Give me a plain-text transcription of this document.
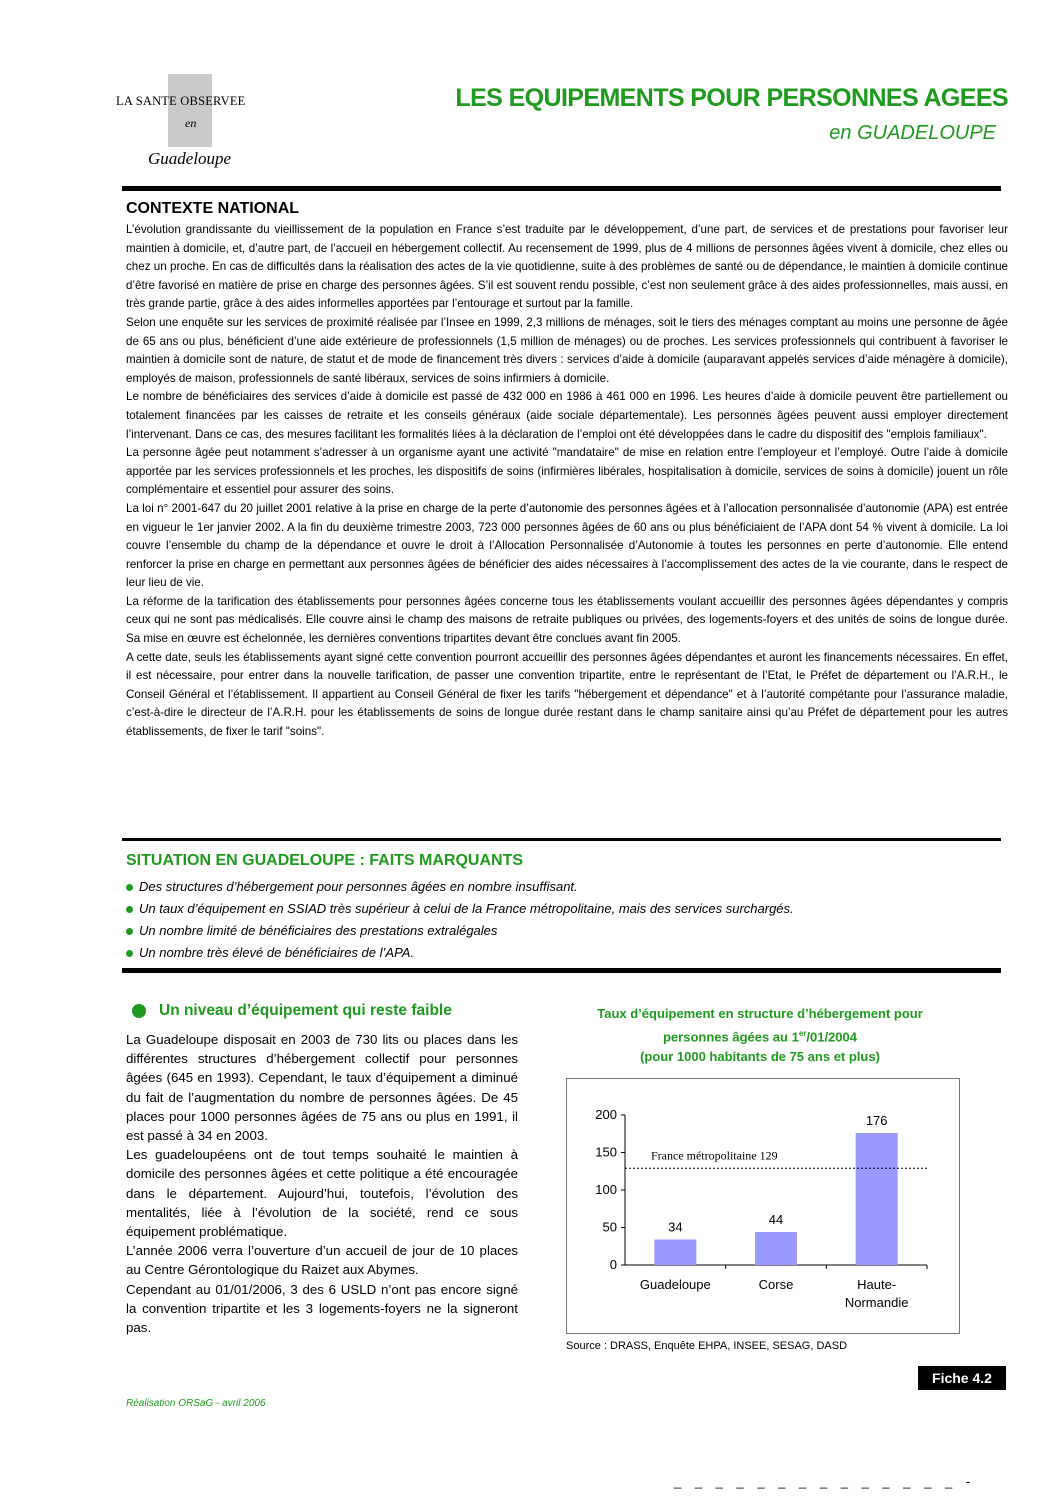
LA SANTE OBSERVEE
en
Guadeloupe
LES EQUIPEMENTS POUR PERSONNES AGEES
en GUADELOUPE
CONTEXTE NATIONAL

L’évolution grandissante du vieillissement de la population en France s’est traduite par le développement, d’une part, de services et de prestations pour favoriser leur maintien à domicile, et, d’autre part, de l’accueil en hébergement collectif. Au recensement de 1999, plus de 4 millions de personnes âgées vivent à domicile, chez elles ou chez un proche. En cas de difficultés dans la réalisation des actes de la vie quotidienne, suite à des problèmes de santé ou de dépendance, le maintien à domicile continue d’être favorisé en matière de prise en charge des personnes âgées. S’il est souvent rendu possible, c’est non seulement grâce à des aides professionnelles, mais aussi, en très grande partie, grâce à des aides informelles apportées par l’entourage et surtout par la famille.

Selon une enquête sur les services de proximité réalisée par l’Insee en 1999, 2,3 millions de ménages, soit le tiers des ménages comptant au moins une personne de âgée de 65 ans ou plus, bénéficient d’une aide extérieure de professionnels (1,5 million de ménages) ou de proches. Les services professionnels qui contribuent à favoriser le maintien à domicile sont de nature, de statut et de mode de financement très divers : services d’aide à domicile (auparavant appelés services d’aide ménagère à domicile), employés de maison, professionnels de santé libéraux, services de soins infirmiers à domicile.

Le nombre de bénéficiaires des services d’aide à domicile est passé de 432 000 en 1986 à 461 000 en 1996. Les heures d’aide à domicile peuvent être partiellement ou totalement financées par les caisses de retraite et les conseils généraux (aide sociale départementale). Les personnes âgées peuvent aussi employer directement l’intervenant. Dans ce cas, des mesures facilitant les formalités liées à la déclaration de l’emploi ont été développées dans le cadre du dispositif des "emplois familiaux".

La personne âgée peut notamment s’adresser à un organisme ayant une activité "mandataire" de mise en relation entre l’employeur et l’employé. Outre l’aide à domicile apportée par les services professionnels et les proches, les dispositifs de soins (infirmières libérales, hospitalisation à domicile, services de soins à domicile) jouent un rôle complémentaire et essentiel pour assurer des soins.

La loi n° 2001-647 du 20 juillet 2001 relative à la prise en charge de la perte d’autonomie des personnes âgées et à l’allocation personnalisée d’autonomie (APA) est entrée en vigueur le 1er janvier 2002. A la fin du deuxième trimestre 2003, 723 000 personnes âgées de 60 ans ou plus bénéficiaient de l’APA dont 54 % vivent à domicile. La loi couvre l’ensemble du champ de la dépendance et ouvre le droit à l’Allocation Personnalisée d’Autonomie à toutes les personnes en perte d’autonomie. Elle entend renforcer la prise en charge en permettant aux personnes âgées de bénéficier des aides nécessaires à l’accomplissement des actes de la vie courante, dans le respect de leur lieu de vie.

La réforme de la tarification des établissements pour personnes âgées concerne tous les établissements voulant accueillir des personnes âgées dépendantes y compris ceux qui ne sont pas médicalisés. Elle couvre ainsi le champ des maisons de retraite publiques ou privées, des logements-foyers et des unités de soins de longue durée. Sa mise en œuvre est échelonnée, les dernières conventions tripartites devant être conclues avant fin 2005.

A cette date, seuls les établissements ayant signé cette convention pourront accueillir des personnes âgées dépendantes et auront les financements nécessaires. En effet, il est nécessaire, pour entrer dans la nouvelle tarification, de passer une convention tripartite, entre le représentant de l’Etat, le Préfet de département ou l’A.R.H., le Conseil Général et l’établissement. Il appartient au Conseil Général de fixer les tarifs "hébergement et dépendance" et à l’autorité compétante pour l’assurance maladie, c’est-à-dire le directeur de l’A.R.H. pour les établissements de soins de longue durée restant dans le champ sanitaire ainsi qu’au Préfet de département pour les autres établissements, de fixer le tarif "soins".

SITUATION EN GUADELOUPE : FAITS MARQUANTS
Des structures d’hébergement pour personnes âgées en nombre insuffisant.
Un taux d’équipement en SSIAD très supérieur à celui de la France métropolitaine, mais des services surchargés.
Un nombre limité de bénéficiaires des prestations extralégales
Un nombre très élevé de bénéficiaires de l’APA.
Un niveau d’équipement qui reste faible

La Guadeloupe disposait en 2003 de 730 lits ou places dans les différentes structures d’hébergement collectif pour personnes âgées (645 en 1993). Cependant, le taux d’équipement a diminué du fait de l’augmentation du nombre de personnes âgées. De 45 places pour 1000 personnes âgées de 75 ans ou plus en 1991, il est passé à 34 en 2003.

Les guadeloupéens ont de tout temps souhaité le maintien à domicile des personnes âgées et cette politique a été encouragée dans le département. Aujourd’hui, toutefois, l’évolution des mentalités, liée à l’évolution de la société, rend ce sous équipement problématique.

L’année 2006 verra l’ouverture d’un accueil de jour de 10 places au Centre Gérontologique du Raizet aux Abymes.

Cependant au 01/01/2006, 3 des 6 USLD n’ont pas encore signé la convention tripartite et les 3 logements-foyers ne la signeront pas.

Taux d’équipement en structure d’hébergement pour
personnes âgées au 1er/01/2004
(pour 1000 habitants de 75 ans et plus)
0
50
100
150
200
34
Guadeloupe
44
Corse
176
Haute-
Normandie
France métropolitaine 129
Source : DRASS, Enquête EHPA, INSEE, SESAG, DASD
Fiche 4.2
Réalisation ORSaG - avril 2006
_ _ _ _ _ _ _ _ _ _ _ _ _ _ -
